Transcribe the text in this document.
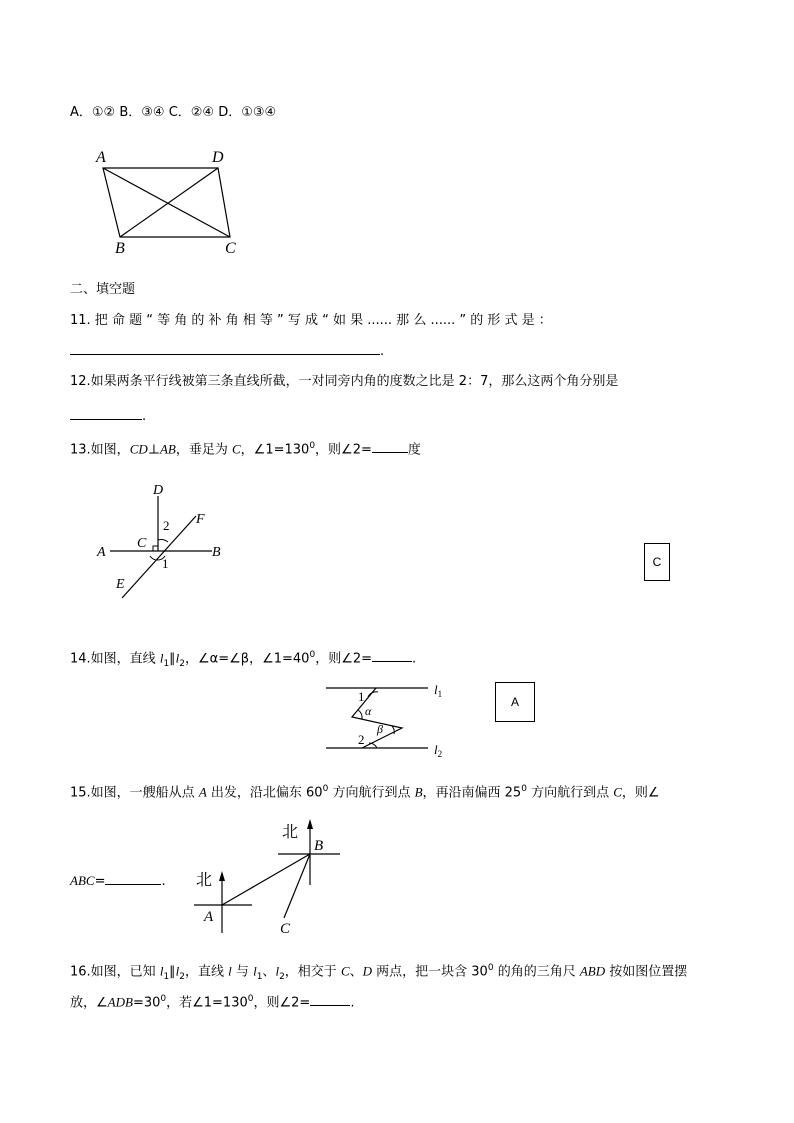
A．①② B．③④ C．②④ D．①③④
A	D
B	C
二、填空题
11. 把 命 题 “ 等 角 的 补 角 相 等 ” 写 成 “ 如 果 ...... 那 么 ...... ” 的 形 式 是 ：
.
12.如果两条平行线被第三条直线所截，一对同旁内角的度数之比是 2：7，那么这两个角分别是
.
13.如图，CD⊥AB，垂足为 C，$\angle 1=130^0$，则∠2=	度
D
F
A	B
C
E
1
2
C
14.如图，直线 $l_1\parallel l_2$，∠α=∠β，$\angle 1=40^0$，则∠2=	.
1
α
β
2
$l_1$
$l_2$
A
15.如图，一艘船从点 A 出发，沿北偏东 $60^0$ 方向航行到点 B，再沿南偏西 $25^0$ 方向航行到点 C，则∠
ABC=	. 北
北
A
B
C
16.如图，已知 $l_1\parallel l_2$，直线 l 与 $l_1$、$l_2$，相交于 C、D 两点，把一块含 $30^0$ 的角的三角尺 ABD 按如图位置摆
放，$\angle ADB=30^0$，若$\angle 1=130^0$，则∠2=	.
